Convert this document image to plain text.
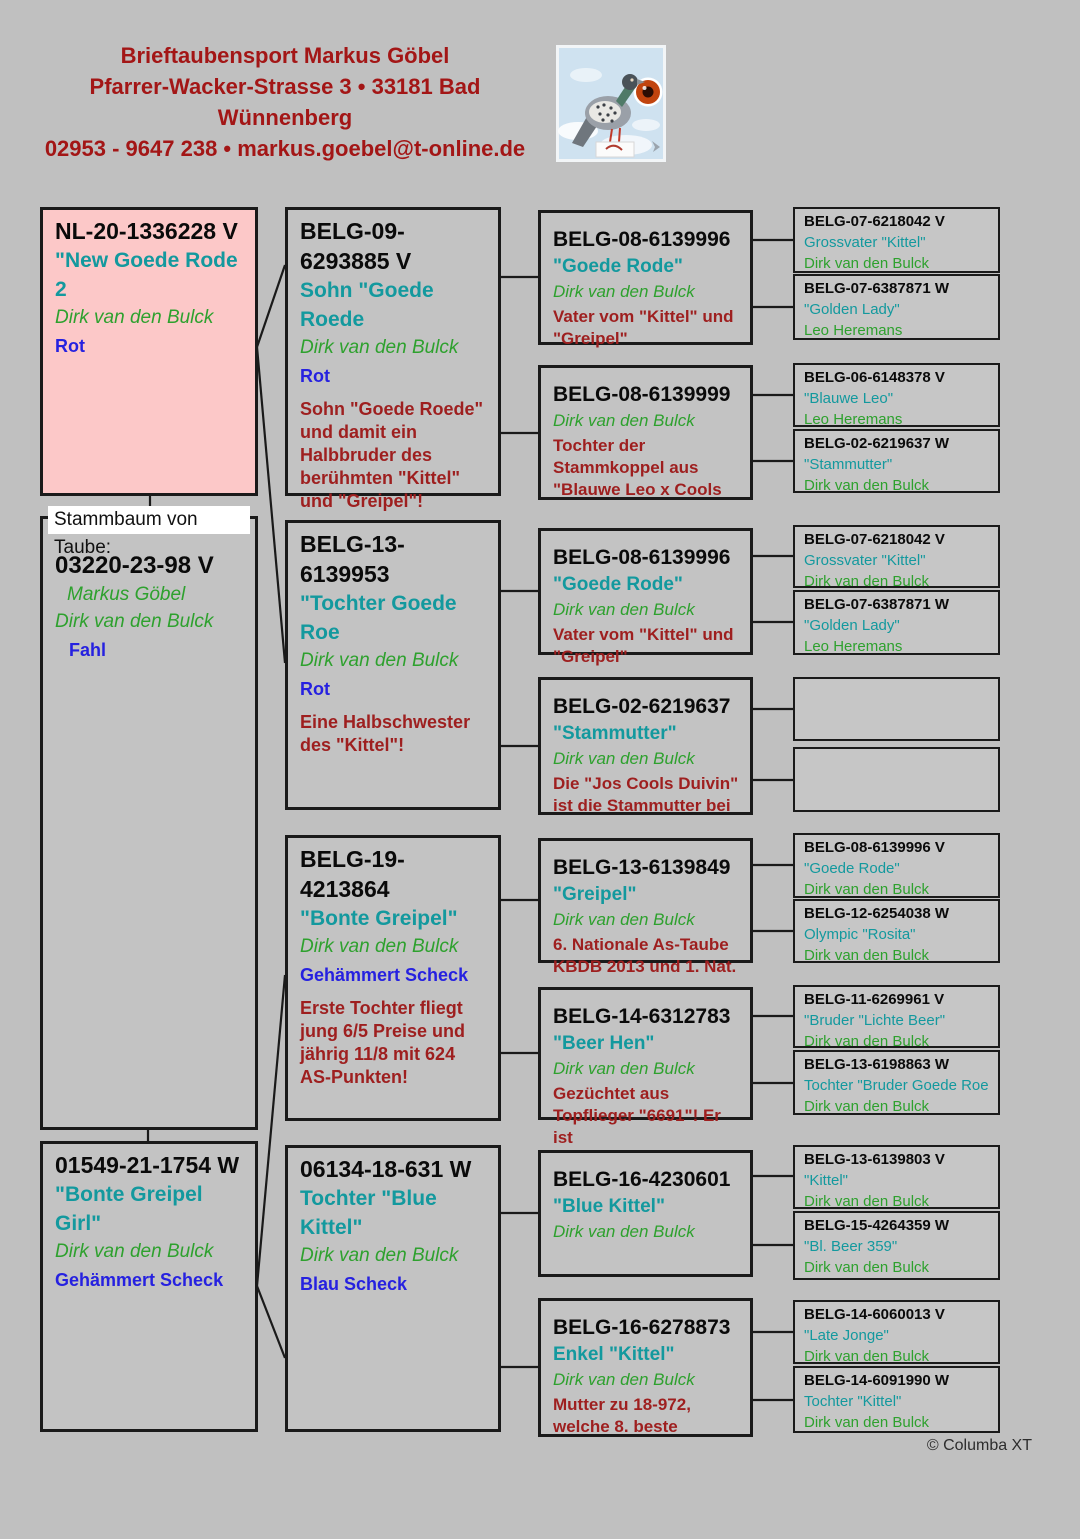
Brieftaubensport Markus Göbel
Pfarrer-Wacker-Strasse 3 • 33181 Bad Wünnenberg
02953 - 9647 238 • markus.goebel@t-online.de
NL-20-1336228 V
"New Goede Rode 2
Dirk van den Bulck
Rot
03220-23-98 V
Markus Göbel
Dirk van den Bulck
Fahl
Stammbaum von Taube:
01549-21-1754 W
"Bonte Greipel Girl"
Dirk van den Bulck
Gehämmert Scheck
BELG-09-6293885 V
Sohn "Goede Roede
Dirk van den Bulck
Rot
Sohn "Goede Roede" und damit ein Halbbruder des berühmten "Kittel" und "Greipel"!
BELG-13-6139953
"Tochter Goede Roe
Dirk van den Bulck
Rot
Eine Halbschwester des "Kittel"!
BELG-19-4213864
"Bonte Greipel"
Dirk van den Bulck
Gehämmert Scheck
Erste Tochter fliegt jung 6/5 Preise und jährig 11/8 mit 624 AS-Punkten!
06134-18-631 W
Tochter "Blue Kittel"
Dirk van den Bulck
Blau Scheck
BELG-08-6139996
"Goede Rode"
Dirk van den Bulck
Vater vom "Kittel" und "Greipel"
BELG-08-6139999
Dirk van den Bulck
Tochter der Stammkoppel aus "Blauwe Leo x Cools
BELG-08-6139996
"Goede Rode"
Dirk van den Bulck
Vater vom "Kittel" und "Greipel"
BELG-02-6219637
"Stammutter"
Dirk van den Bulck
Die "Jos Cools Duivin" ist die Stammutter bei
BELG-13-6139849
"Greipel"
Dirk van den Bulck
6. Nationale As-Taube KBDB 2013 und 1. Nat.
BELG-14-6312783
"Beer Hen"
Dirk van den Bulck
Gezüchtet aus Topflieger "6691"! Er ist
BELG-16-4230601
"Blue Kittel"
Dirk van den Bulck
BELG-16-6278873
Enkel "Kittel"
Dirk van den Bulck
Mutter zu 18-972, welche 8. beste
BELG-07-6218042 V
Grossvater "Kittel"
Dirk van den Bulck
BELG-07-6387871 W
"Golden Lady"
Leo Heremans
BELG-06-6148378 V
"Blauwe Leo"
Leo Heremans
BELG-02-6219637 W
"Stammutter"
Dirk van den Bulck
BELG-07-6218042 V
Grossvater "Kittel"
Dirk van den Bulck
BELG-07-6387871 W
"Golden Lady"
Leo Heremans
BELG-08-6139996 V
"Goede Rode"
Dirk van den Bulck
BELG-12-6254038 W
Olympic "Rosita"
Dirk van den Bulck
BELG-11-6269961 V
"Bruder "Lichte Beer"
Dirk van den Bulck
BELG-13-6198863 W
Tochter "Bruder Goede Roe
Dirk van den Bulck
BELG-13-6139803 V
"Kittel"
Dirk van den Bulck
BELG-15-4264359 W
"Bl. Beer 359"
Dirk van den Bulck
BELG-14-6060013 V
"Late Jonge"
Dirk van den Bulck
BELG-14-6091990 W
Tochter "Kittel"
Dirk van den Bulck
© Columba XT
